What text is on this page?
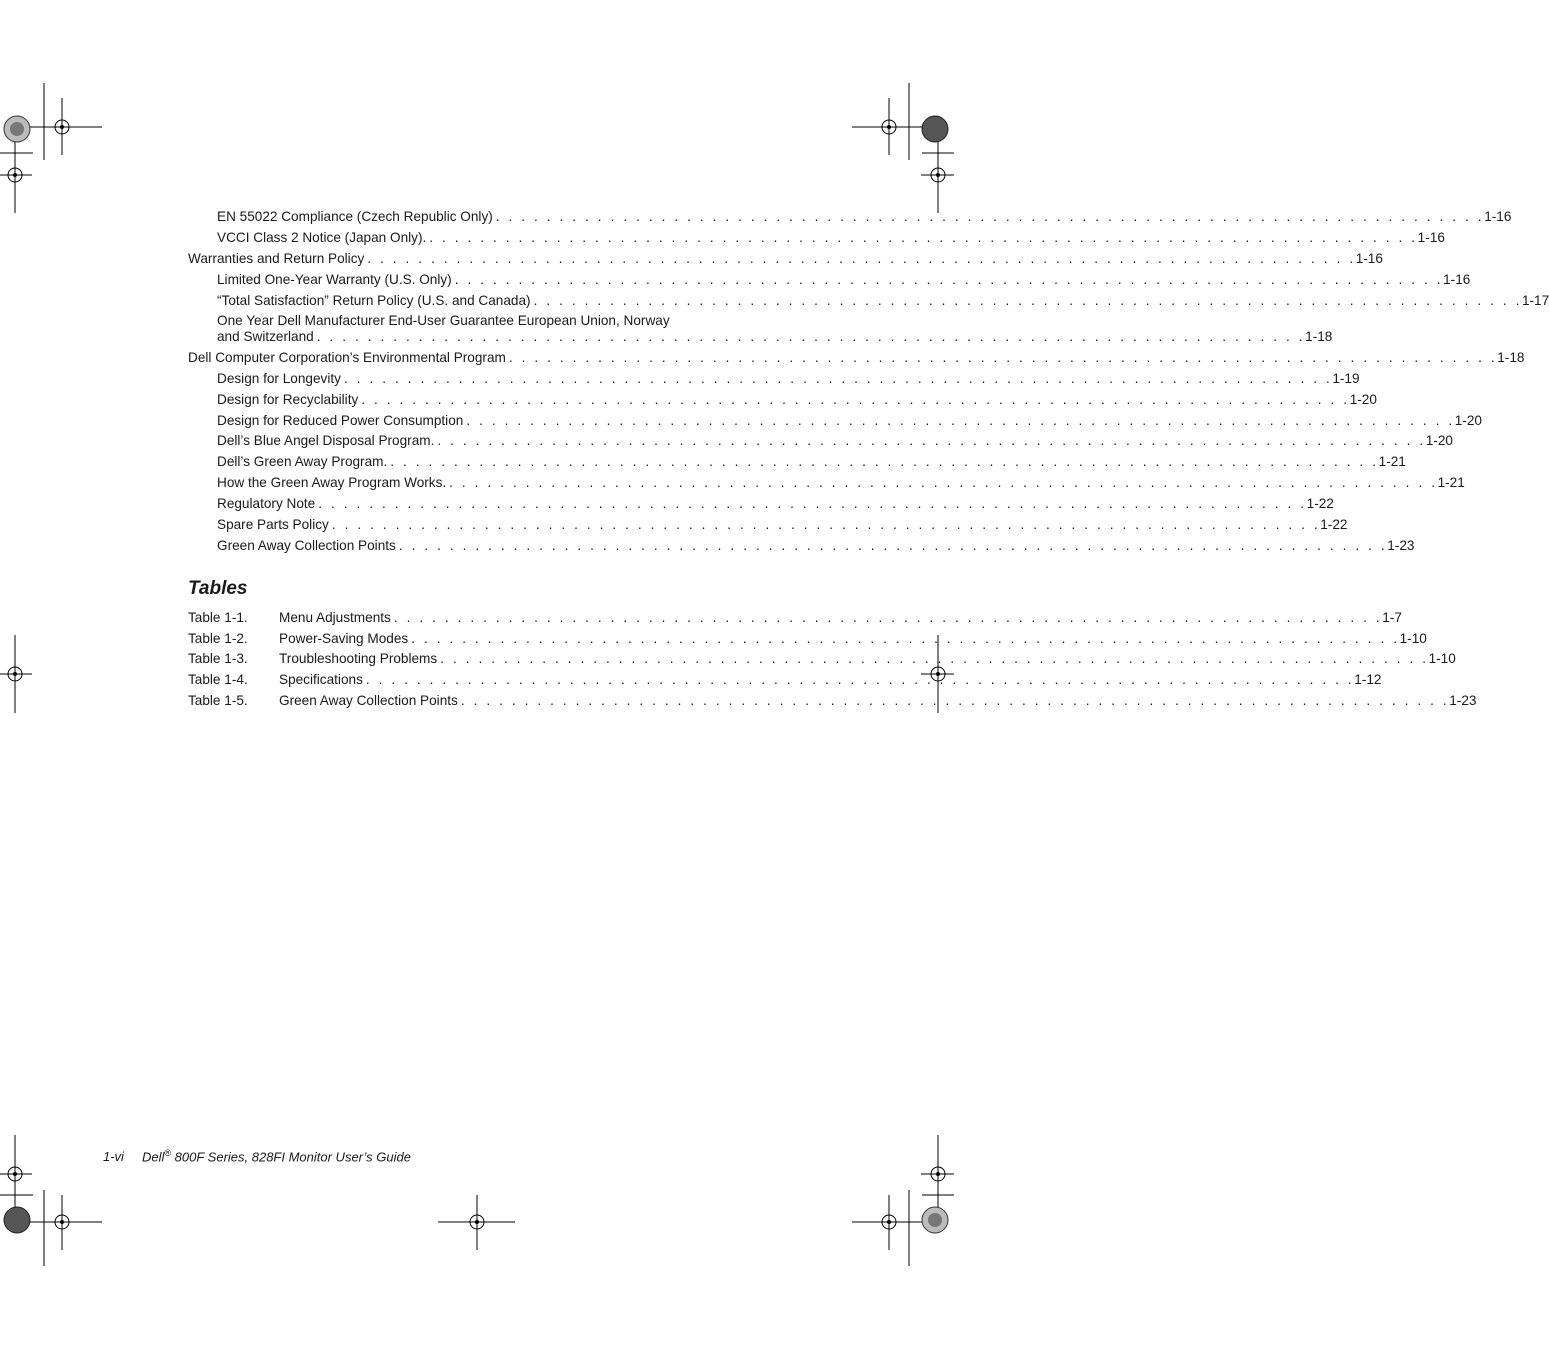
EN 55022 Compliance (Czech Republic Only) . . . . . . . . . . . . . . . . . . . . . . . . . . . . . . . . . . . . . . . . . . . . . . . . . . . . . . . . . . . . . . . . . . . . . . . . . . . . . . 1-16
VCCI Class 2 Notice (Japan Only). . . . . . . . . . . . . . . . . . . . . . . . . . . . . . . . . . . . . . . . . . . . . . . . . . . . . . . . . . . . . . . . . . . . . . . . . . . . . . . 1-16
Warranties and Return Policy . . . . . . . . . . . . . . . . . . . . . . . . . . . . . . . . . . . . . . . . . . . . . . . . . . . . . . . . . . . . . . . . . . . . . . . . . . . . . . 1-16
Limited One-Year Warranty (U.S. Only) . . . . . . . . . . . . . . . . . . . . . . . . . . . . . . . . . . . . . . . . . . . . . . . . . . . . . . . . . . . . . . . . . . . . . . . . . . . . . . 1-16
“Total Satisfaction” Return Policy (U.S. and Canada) . . . . . . . . . . . . . . . . . . . . . . . . . . . . . . . . . . . . . . . . . . . . . . . . . . . . . . . . . . . . . . . . . . . . . . . . . . . . . . 1-17
One Year Dell Manufacturer End-User Guarantee European Union, Norway
and Switzerland . . . . . . . . . . . . . . . . . . . . . . . . . . . . . . . . . . . . . . . . . . . . . . . . . . . . . . . . . . . . . . . . . . . . . . . . . . . . . . 1-18
Dell Computer Corporation’s Environmental Program . . . . . . . . . . . . . . . . . . . . . . . . . . . . . . . . . . . . . . . . . . . . . . . . . . . . . . . . . . . . . . . . . . . . . . . . . . . . . . 1-18
Design for Longevity . . . . . . . . . . . . . . . . . . . . . . . . . . . . . . . . . . . . . . . . . . . . . . . . . . . . . . . . . . . . . . . . . . . . . . . . . . . . . . 1-19
Design for Recyclability . . . . . . . . . . . . . . . . . . . . . . . . . . . . . . . . . . . . . . . . . . . . . . . . . . . . . . . . . . . . . . . . . . . . . . . . . . . . . . 1-20
Design for Reduced Power Consumption . . . . . . . . . . . . . . . . . . . . . . . . . . . . . . . . . . . . . . . . . . . . . . . . . . . . . . . . . . . . . . . . . . . . . . . . . . . . . . 1-20
Dell’s Blue Angel Disposal Program. . . . . . . . . . . . . . . . . . . . . . . . . . . . . . . . . . . . . . . . . . . . . . . . . . . . . . . . . . . . . . . . . . . . . . . . . . . . . . . 1-20
Dell’s Green Away Program. . . . . . . . . . . . . . . . . . . . . . . . . . . . . . . . . . . . . . . . . . . . . . . . . . . . . . . . . . . . . . . . . . . . . . . . . . . . . . . 1-21
How the Green Away Program Works. . . . . . . . . . . . . . . . . . . . . . . . . . . . . . . . . . . . . . . . . . . . . . . . . . . . . . . . . . . . . . . . . . . . . . . . . . . . . . . 1-21
Regulatory Note . . . . . . . . . . . . . . . . . . . . . . . . . . . . . . . . . . . . . . . . . . . . . . . . . . . . . . . . . . . . . . . . . . . . . . . . . . . . . . 1-22
Spare Parts Policy . . . . . . . . . . . . . . . . . . . . . . . . . . . . . . . . . . . . . . . . . . . . . . . . . . . . . . . . . . . . . . . . . . . . . . . . . . . . . . 1-22
Green Away Collection Points . . . . . . . . . . . . . . . . . . . . . . . . . . . . . . . . . . . . . . . . . . . . . . . . . . . . . . . . . . . . . . . . . . . . . . . . . . . . . . 1-23
Tables
Table 1-1.	Menu Adjustments . . . . . . . . . . . . . . . . . . . . . . . . . . . . . . . . . . . . . . . . . . . . . . . . . . . . . . . . . . . . . . . . . . . . . . . . . . . . . . 1-7
Table 1-2.	Power-Saving Modes . . . . . . . . . . . . . . . . . . . . . . . . . . . . . . . . . . . . . . . . . . . . . . . . . . . . . . . . . . . . . . . . . . . . . . . . . . . . . . 1-10
Table 1-3.	Troubleshooting Problems . . . . . . . . . . . . . . . . . . . . . . . . . . . . . . . . . . . . . . . . . . . . . . . . . . . . . . . . . . . . . . . . . . . . . . . . . . . . . . 1-10
Table 1-4.	Specifications . . . . . . . . . . . . . . . . . . . . . . . . . . . . . . . . . . . . . . . . . . . . . . . . . . . . . . . . . . . . . . . . . . . . . . . . . . . . . . 1-12
Table 1-5.	Green Away Collection Points . . . . . . . . . . . . . . . . . . . . . . . . . . . . . . . . . . . . . . . . . . . . . . . . . . . . . . . . . . . . . . . . . . . . . . . . . . . . . . 1-23
1-vi Dell® 800F Series, 828FI Monitor User’s Guide
